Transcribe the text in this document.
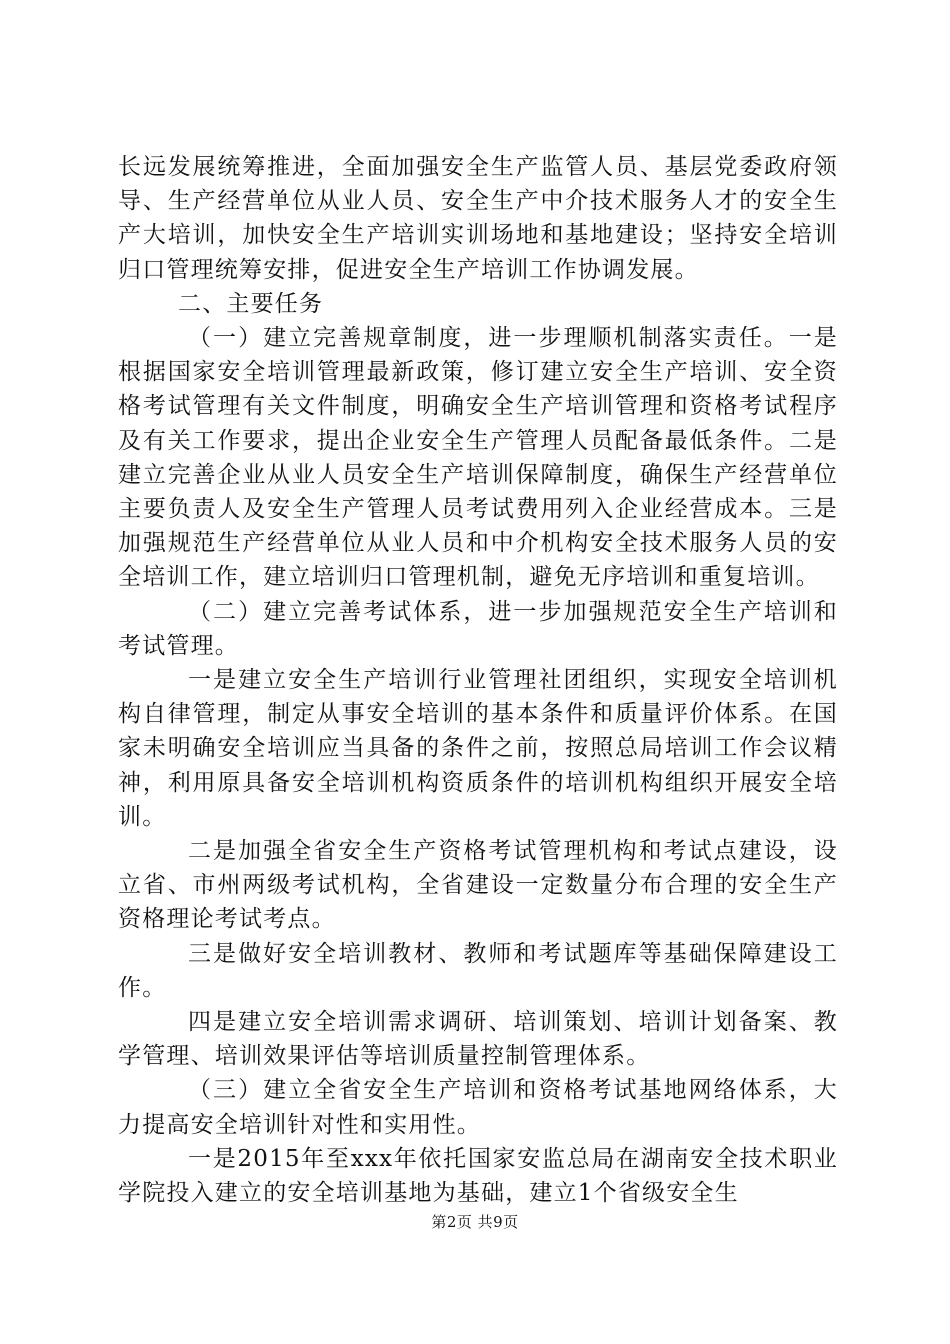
长远发展统筹推进，全面加强安全生产监管人员、基层党委政府领导、生产经营单位从业人员、安全生产中介技术服务人才的安全生产大培训，加快安全生产培训实训场地和基地建设；坚持安全培训归口管理统筹安排，促进安全生产培训工作协调发展。

二、主要任务

（一）建立完善规章制度，进一步理顺机制落实责任。一是根据国家安全培训管理最新政策，修订建立安全生产培训、安全资格考试管理有关文件制度，明确安全生产培训管理和资格考试程序及有关工作要求，提出企业安全生产管理人员配备最低条件。二是建立完善企业从业人员安全生产培训保障制度，确保生产经营单位主要负责人及安全生产管理人员考试费用列入企业经营成本。三是加强规范生产经营单位从业人员和中介机构安全技术服务人员的安全培训工作，建立培训归口管理机制，避免无序培训和重复培训。

（二）建立完善考试体系，进一步加强规范安全生产培训和考试管理。

一是建立安全生产培训行业管理社团组织，实现安全培训机构自律管理，制定从事安全培训的基本条件和质量评价体系。在国家未明确安全培训应当具备的条件之前，按照总局培训工作会议精神，利用原具备安全培训机构资质条件的培训机构组织开展安全培训。

二是加强全省安全生产资格考试管理机构和考试点建设，设立省、市州两级考试机构，全省建设一定数量分布合理的安全生产资格理论考试考点。

三是做好安全培训教材、教师和考试题库等基础保障建设工作。

四是建立安全培训需求调研、培训策划、培训计划备案、教学管理、培训效果评估等培训质量控制管理体系。

（三）建立全省安全生产培训和资格考试基地网络体系，大力提高安全培训针对性和实用性。

一是2015年至xxx年依托国家安监总局在湖南安全技术职业学院投入建立的安全培训基地为基础，建立1个省级安全生

第2页 共9页
